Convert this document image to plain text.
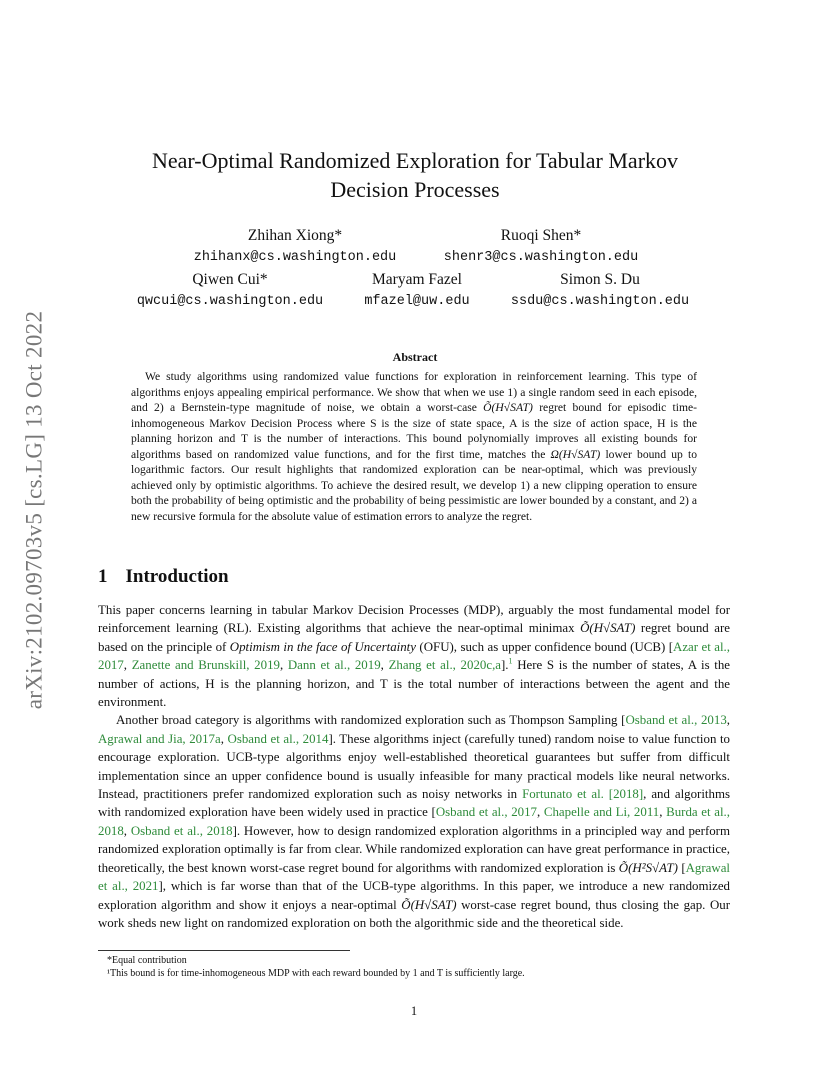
arXiv:2102.09703v5 [cs.LG] 13 Oct 2022
Near-Optimal Randomized Exploration for Tabular Markov
Decision Processes
Zhihan Xiong*
zhihanx@cs.washington.edu
Ruoqi Shen*
shenr3@cs.washington.edu
Qiwen Cui*
qwcui@cs.washington.edu
Maryam Fazel
mfazel@uw.edu
Simon S. Du
ssdu@cs.washington.edu
Abstract
We study algorithms using randomized value functions for exploration in reinforcement learning. This type of algorithms enjoys appealing empirical performance. We show that when we use 1) a single random seed in each episode, and 2) a Bernstein-type magnitude of noise, we obtain a worst-case Õ(H√SAT) regret bound for episodic time-inhomogeneous Markov Decision Process where S is the size of state space, A is the size of action space, H is the planning horizon and T is the number of interactions. This bound polynomially improves all existing bounds for algorithms based on randomized value functions, and for the first time, matches the Ω(H√SAT) lower bound up to logarithmic factors. Our result highlights that randomized exploration can be near-optimal, which was previously achieved only by optimistic algorithms. To achieve the desired result, we develop 1) a new clipping operation to ensure both the probability of being optimistic and the probability of being pessimistic are lower bounded by a constant, and 2) a new recursive formula for the absolute value of estimation errors to analyze the regret.
1 Introduction

This paper concerns learning in tabular Markov Decision Processes (MDP), arguably the most fundamental model for reinforcement learning (RL). Existing algorithms that achieve the near-optimal minimax Õ(H√SAT) regret bound are based on the principle of Optimism in the face of Uncertainty (OFU), such as upper confidence bound (UCB) [Azar et al., 2017, Zanette and Brunskill, 2019, Dann et al., 2019, Zhang et al., 2020c,a].$^1$ Here S is the number of states, A is the number of actions, H is the planning horizon, and T is the total number of interactions between the agent and the environment.

Another broad category is algorithms with randomized exploration such as Thompson Sampling [Osband et al., 2013, Agrawal and Jia, 2017a, Osband et al., 2014]. These algorithms inject (carefully tuned) random noise to value function to encourage exploration. UCB-type algorithms enjoy well-established theoretical guarantees but suffer from difficult implementation since an upper confidence bound is usually infeasible for many practical models like neural networks. Instead, practitioners prefer randomized exploration such as noisy networks in Fortunato et al. [2018], and algorithms with randomized exploration have been widely used in practice [Osband et al., 2017, Chapelle and Li, 2011, Burda et al., 2018, Osband et al., 2018]. However, how to design randomized exploration algorithms in a principled way and perform randomized exploration optimally is far from clear. While randomized exploration can have great performance in practice, theoretically, the best known worst-case regret bound for algorithms with randomized exploration is Õ(H²S√AT) [Agrawal et al., 2021], which is far worse than that of the UCB-type algorithms. In this paper, we introduce a new randomized exploration algorithm and show it enjoys a near-optimal Õ(H√SAT) worst-case regret bound, thus closing the gap. Our work sheds new light on randomized exploration on both the algorithmic side and the theoretical side.

*Equal contribution
¹This bound is for time-inhomogeneous MDP with each reward bounded by 1 and T is sufficiently large.
1
